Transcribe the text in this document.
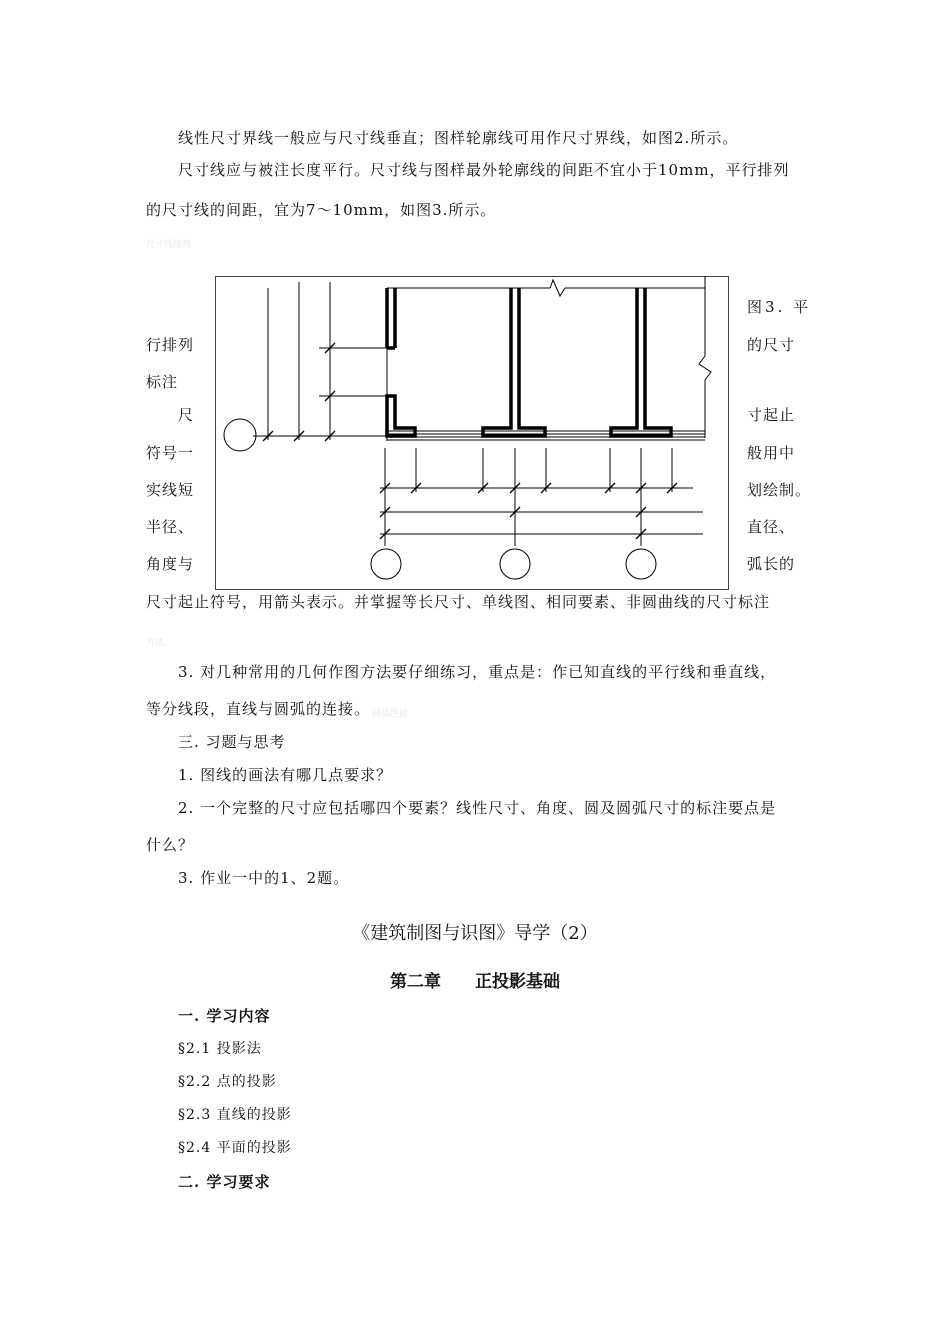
线性尺寸界线一般应与尺寸线垂直；图样轮廓线可用作尺寸界线，如图2.所示。
尺寸线应与被注长度平行。尺寸线与图样最外轮廓线的间距不宜小于10mm，平行排列
的尺寸线的间距，宜为7～10mm，如图3.所示。
尺寸线排列
图3. 平
行排列	的尺寸
标注
尺	寸起止
符号一	般用中
实线短	划绘制。
半径、	直径、
角度与	弧长的
尺寸起止符号，用箭头表示。并掌握等长尺寸、单线图、相同要素、非圆曲线的尺寸标注
方法。
3. 对几种常用的几何作图方法要仔细练习，重点是：作已知直线的平行线和垂直线，
等分线段，直线与圆弧的连接。 圆弧连接
三. 习题与思考
1. 图线的画法有哪几点要求？
2. 一个完整的尺寸应包括哪四个要素？线性尺寸、角度、圆及圆弧尺寸的标注要点是
什么？
3. 作业一中的1、2题。
《建筑制图与识图》导学（2）
第二章　　正投影基础
一. 学习内容
§2.1 投影法
§2.2 点的投影
§2.3 直线的投影
§2.4 平面的投影
二. 学习要求
